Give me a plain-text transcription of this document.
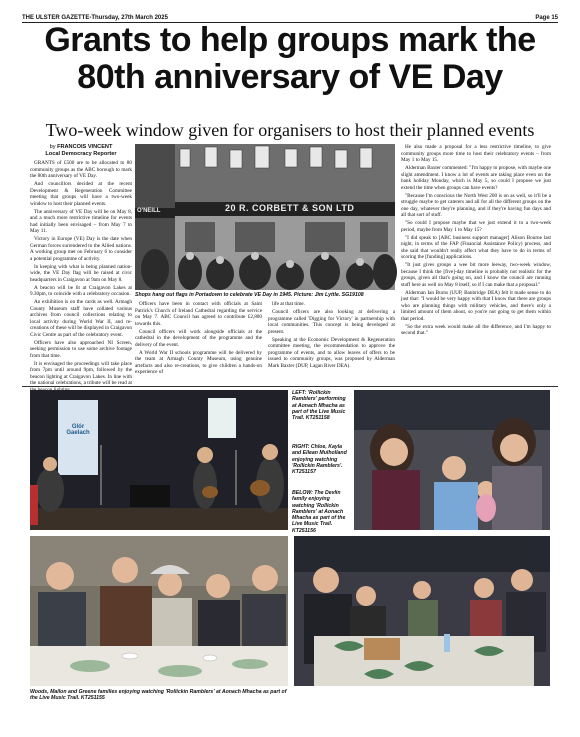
THE ULSTER GAZETTE-Thursday, 27th March 2025	Page 15
Grants to help groups mark the
80th anniversary of VE Day
Two-week window given for organisers to host their planned events
by FRANCOIS VINCENT
Local Democracy Reporter

GRANTS of £500 are to be allocated to 80 community groups as the ABC borough to mark the 80th anniversary of VE Day.

And councillors decided at the recent Development & Regeneration Committee meeting that groups will have a two-week window to host their planned events.

The anniversary of VE Day will be on May 8, and a much more restrictive timeline for events had initially been envisaged – from May 7 to May 11.

Victory in Europe (VE) Day is the date when German forces surrendered to the Allied nations. A working group met on February 6 to consider a potential programme of activity.

In keeping with what is being planned nation-wide, the VE Day flag will be raised at civic headquarters in Craigavon at 9am on May 8.

A beacon will be lit at Craigavon Lakes at 9.30pm, to coincide with a celebratory occasion.

An exhibition is on the cards as well. Armagh County Museum staff have collated various archives from council collections relating to local activity during World War II, and re-creations of these will be displayed in Craigavon Civic Centre as part of the celebratory event.

Officers have also approached NI Screen, seeking permission to use some archive footage from that time.

It is envisaged the proceedings will take place from 7pm until around 9pm, followed by the beacon lighting at Craigavon Lakes. In line with the national celebrations, a tribute will be read at

O'NEILL	20 R. CORBETT & SON LTD
Shops hang out flags in Portadown to celebrate VE Day in 1945. Picture: Jim Lyttle. SG19108

Officers have been in contact with officials at Saint Patrick's Church of Ireland Cathedral regarding the service on May 7. ABC Council has agreed to contribute £2,800 towards this.

Council officers will work alongside officials at the cathedral in the development of the programme and the delivery of the event.

A World War II schools programme will be delivered by the team at Armagh County Museum, using genuine artefacts and also re-creations, to give children a hands-on experience of

life at that time.

Council officers are also looking at delivering a programme called 'Digging for Victory' in partnership with local communities. This concept is being developed at present.

Speaking at the Economic Development & Regeneration committee meeting, the recommendation to approve the programme of events, and to allow leaves of offers to be issued to community groups, was proposed by Alderman Mark Baxter (DUP, Lagan River DEA).

He also made a proposal for a less restrictive timeline, to give community groups more time to host their celebratory events – from May 1 to May 15.

Alderman Baxter commented: "I'm happy to propose, with maybe one slight amendment. I know a lot of events are taking place even on the bank holiday Monday, which is May 5, so could I propose we just extend the time when groups can have events?

"Because I'm conscious the North West 200 is on as well, so it'll be a struggle maybe to get caterers and all for all the different groups on the one day, whatever they're planning, and if they're having fun days and all that sort of stuff.

"So could I propose maybe that we just extend it to a two-week period, maybe from May 1 to May 15?

"I did speak to [ABC business support manager] Alison Bourne last night, in terms of the FAP (Financial Assistance Policy) process, and she said that wouldn't really affect what they have to do in terms of scoring the [funding] applications.

"It just gives groups a wee bit more leeway, two-week window, because I think the [five]-day timeline is probably not realistic for the groups, given all that's going on, and I know the council are running stuff here as well on May 8 itself, so if I can make that a proposal."

Alderman Ian Burns (UUP, Banbridge DEA) felt it made sense to do just that: "I would be very happy with that I know that there are groups who are planning things with military vehicles, and there's only a limited amount of them about, so you're not going to get them within that period.

"So the extra week would make all the difference, and I'm happy to second that."

Glór Gaelach
LEFT: 'Rollickin Ramblers' performing at Aonach Mhacha as part of the Live Music Trail. KT251158
RIGHT: Chloe, Kayla and Eilean Mulholland enjoying watching 'Rollickin Ramblers'. KT251157
BELOW: The Devlin family enjoying watching 'Rollickin Ramblers' at Aonach Mhacha as part of the Live Music Trail. KT251156
Woods, Mallon and Greene families enjoying watching 'Rollickin Ramblers' at Aonach Mhacha as part of the Live Music Trail. KT251155
